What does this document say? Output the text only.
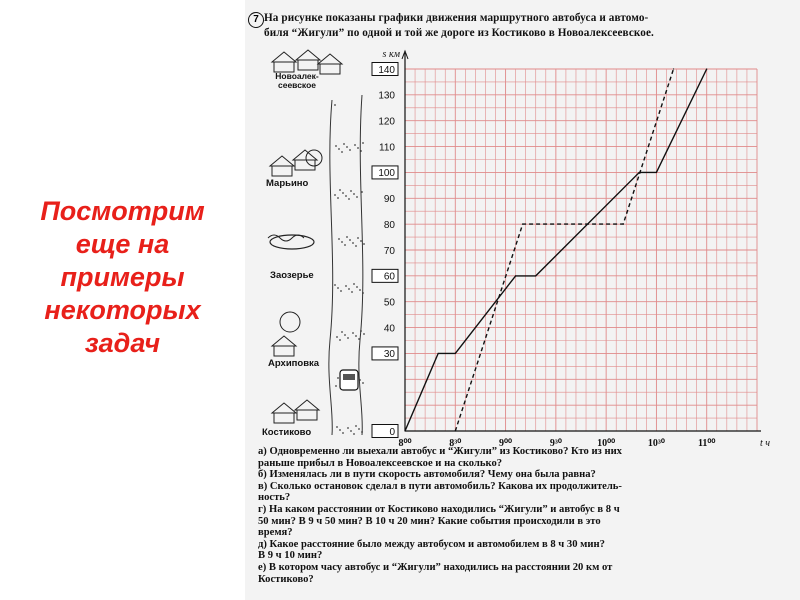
Посмотрим
еще на
примеры
некоторых
задач
7 На рисунке показаны графики движения маршрутного автобуса и автомо-
биля “Жигули” по одной и той же дороге из Костиково в Новоалексеевское.
0
30
40
50
60
70
80
90
100
110
120
130
140
s км
8⁰⁰	8³⁰	9⁰⁰	9³⁰	10⁰⁰	10³⁰	11⁰⁰	t ч
Новоалек-сеевское
Марьино
Заозерье
Архиповка
Костиково
а) Одновременно ли выехали автобус и “Жигули” из Костиково? Кто из них
раньше прибыл в Новоалексеевское и на сколько?
б) Изменялась ли в пути скорость автомобиля? Чему она была равна?
в) Сколько остановок сделал в пути автомобиль? Какова их продолжитель-
ность?
г) На каком расстоянии от Костиково находились “Жигули” и автобус в 8 ч
50 мин? В 9 ч 50 мин? В 10 ч 20 мин? Какие события происходили в это
время?
д) Какое расстояние было между автобусом и автомобилем в 8 ч 30 мин?
В 9 ч 10 мин?
е) В котором часу автобус и “Жигули” находились на расстоянии 20 км от
Костиково?
